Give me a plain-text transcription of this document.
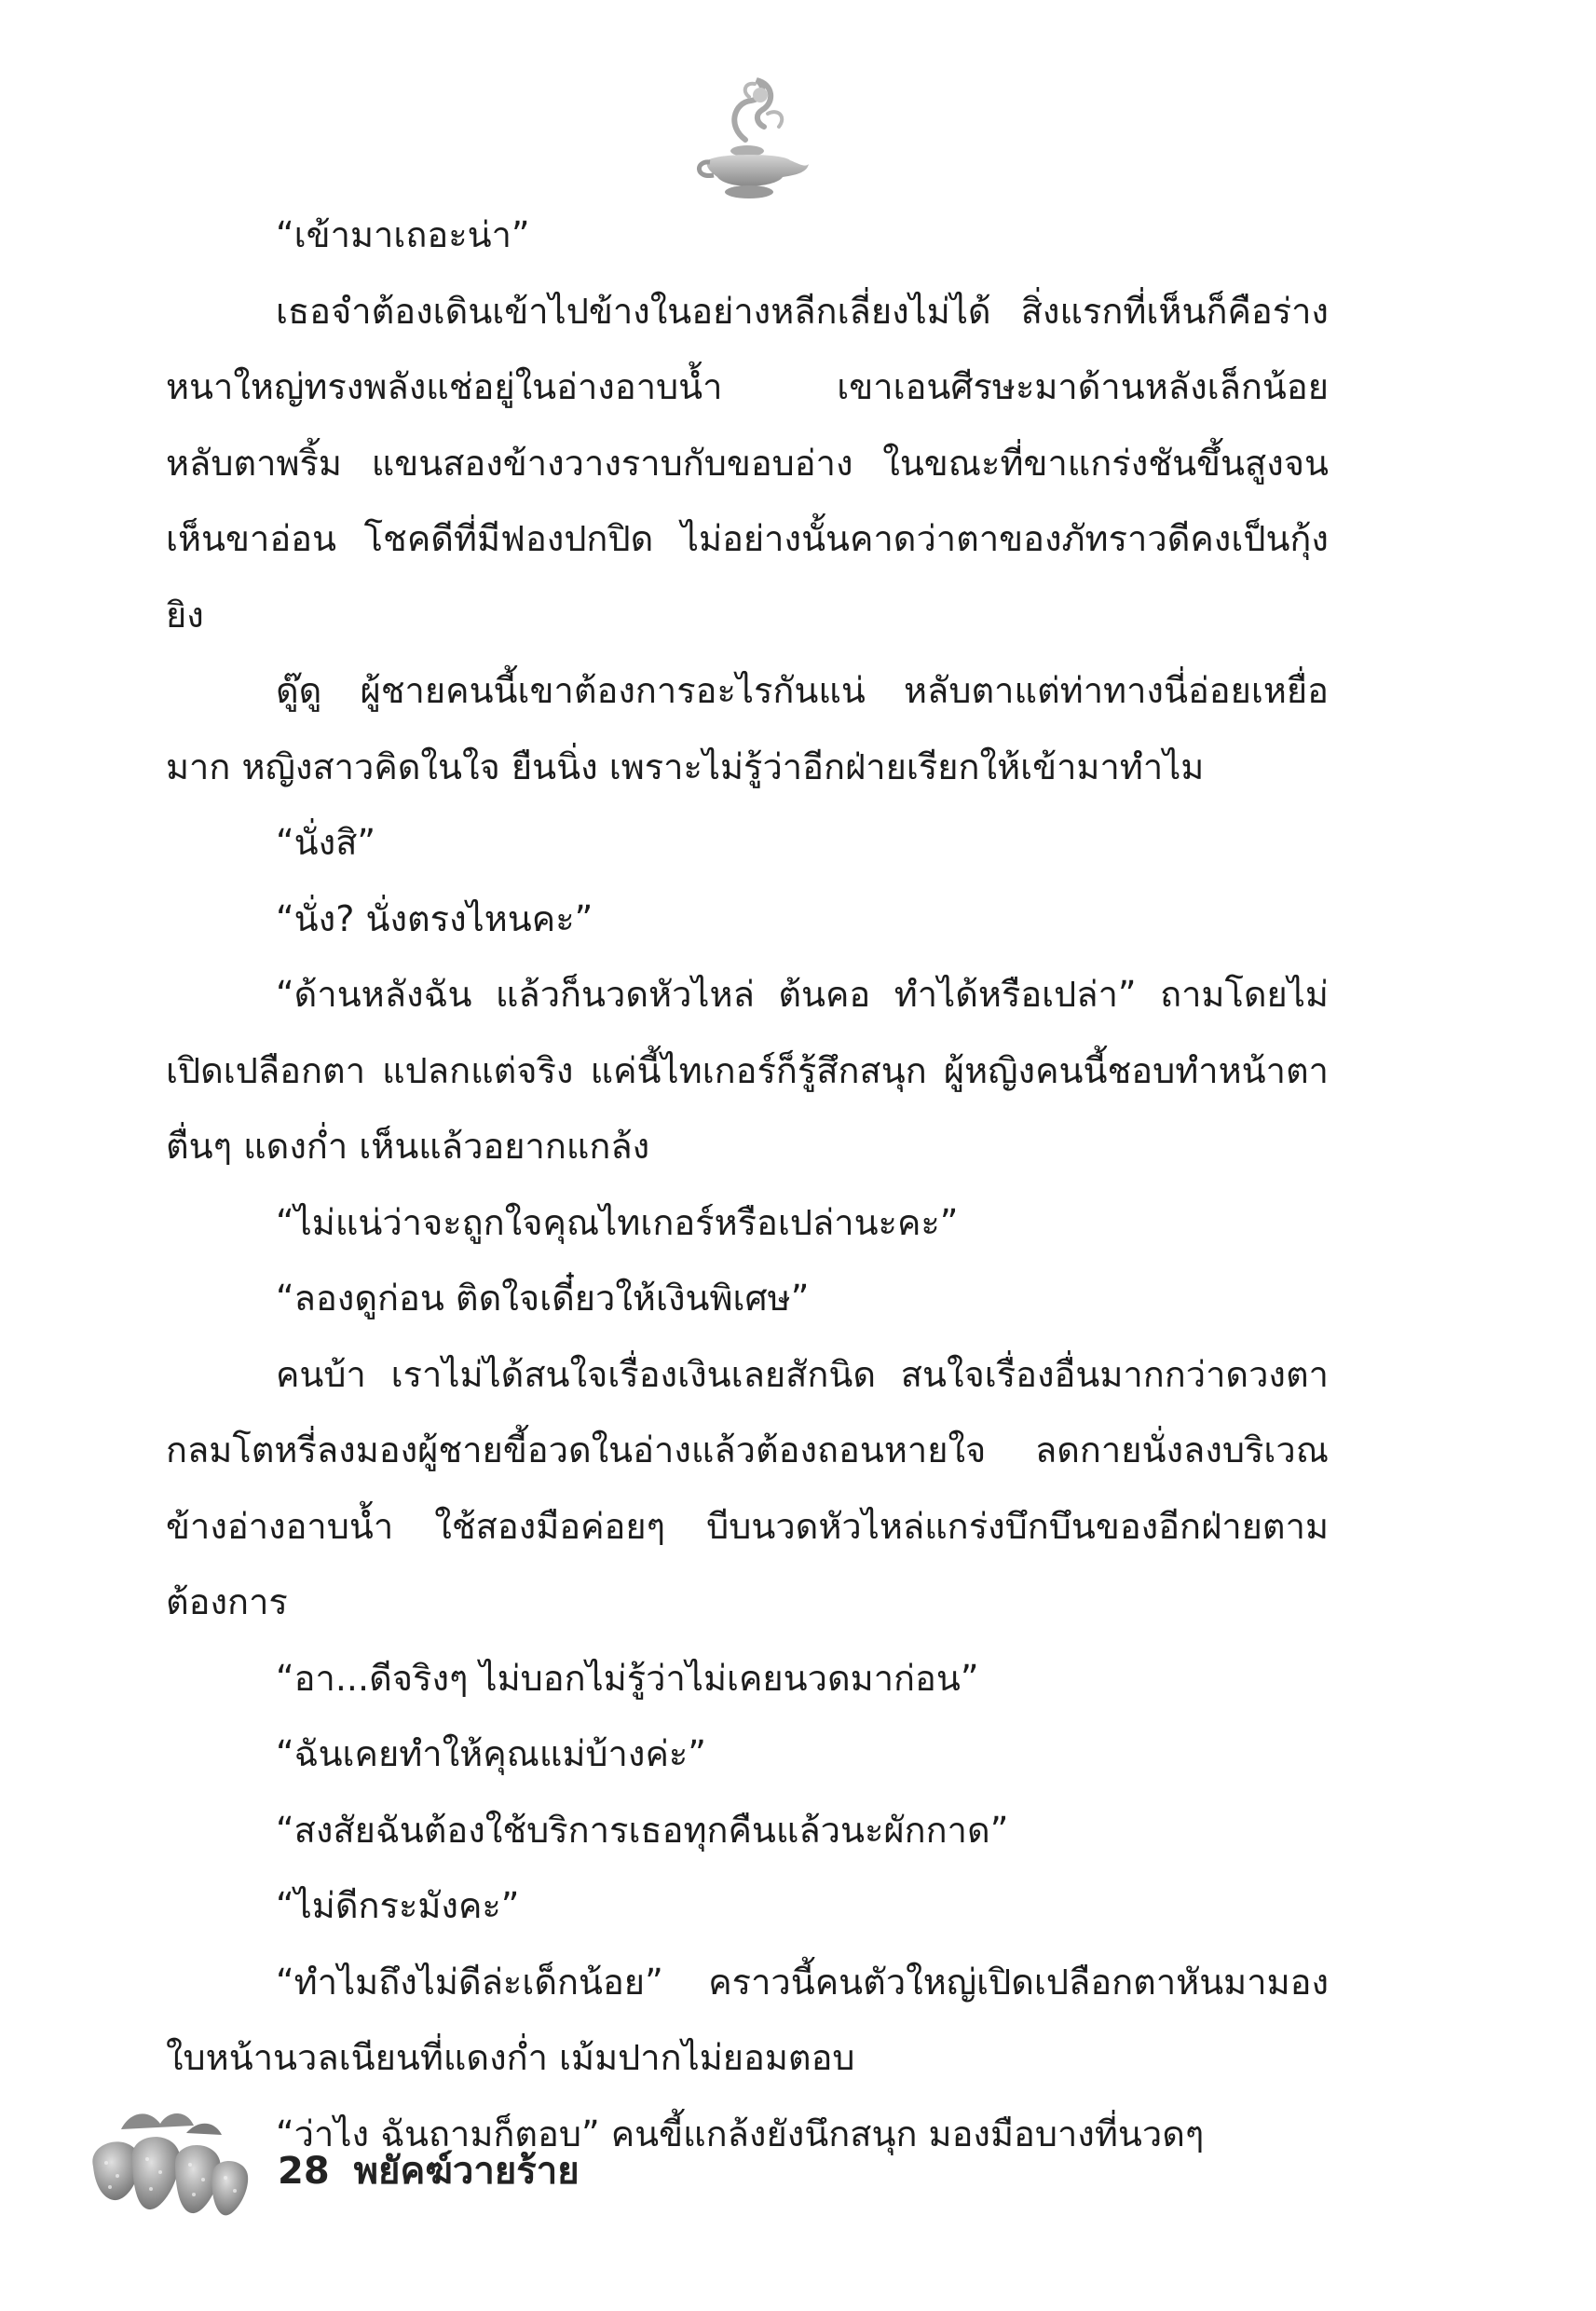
“เข้ามาเถอะน่า”

เธอจำต้องเดินเข้าไปข้างในอย่างหลีกเลี่ยงไม่ได้ สิ่งแรกที่เห็นก็คือร่างหนาใหญ่ทรงพลังแช่อยู่ในอ่างอาบน้ำ เขาเอนศีรษะมาด้านหลังเล็กน้อย หลับตาพริ้ม แขนสองข้างวางราบกับขอบอ่าง ในขณะที่ขาแกร่งชันขึ้นสูงจนเห็นขาอ่อน โชคดีที่มีฟองปกปิด ไม่อย่างนั้นคาดว่าตาของภัทราวดีคงเป็นกุ้งยิง

ดู๊ดู ผู้ชายคนนี้เขาต้องการอะไรกันแน่ หลับตาแต่ท่าทางนี่อ่อยเหยื่อมาก หญิงสาวคิดในใจ ยืนนิ่ง เพราะไม่รู้ว่าอีกฝ่ายเรียกให้เข้ามาทำไม

“นั่งสิ”

“นั่ง? นั่งตรงไหนคะ”

“ด้านหลังฉัน แล้วก็นวดหัวไหล่ ต้นคอ ทำได้หรือเปล่า” ถามโดยไม่เปิดเปลือกตา แปลกแต่จริง แค่นี้ไทเกอร์ก็รู้สึกสนุก ผู้หญิงคนนี้ชอบทำหน้าตาตื่นๆ แดงก่ำ เห็นแล้วอยากแกล้ง

“ไม่แน่ว่าจะถูกใจคุณไทเกอร์หรือเปล่านะคะ”

“ลองดูก่อน ติดใจเดี๋ยวให้เงินพิเศษ”

คนบ้า เราไม่ได้สนใจเรื่องเงินเลยสักนิด สนใจเรื่องอื่นมากกว่าดวงตากลมโตหรี่ลงมองผู้ชายขี้อวดในอ่างแล้วต้องถอนหายใจ ลดกายนั่งลงบริเวณข้างอ่างอาบน้ำ ใช้สองมือค่อยๆ บีบนวดหัวไหล่แกร่งบึกบึนของอีกฝ่ายตามต้องการ

“อา...ดีจริงๆ ไม่บอกไม่รู้ว่าไม่เคยนวดมาก่อน”

“ฉันเคยทำให้คุณแม่บ้างค่ะ”

“สงสัยฉันต้องใช้บริการเธอทุกคืนแล้วนะผักกาด”

“ไม่ดีกระมังคะ”

“ทำไมถึงไม่ดีล่ะเด็กน้อย” คราวนี้คนตัวใหญ่เปิดเปลือกตาหันมามองใบหน้านวลเนียนที่แดงก่ำ เม้มปากไม่ยอมตอบ

“ว่าไง ฉันถามก็ตอบ” คนขี้แกล้งยังนึกสนุก มองมือบางที่นวดๆ

28 พยัคฆ์วายร้าย
